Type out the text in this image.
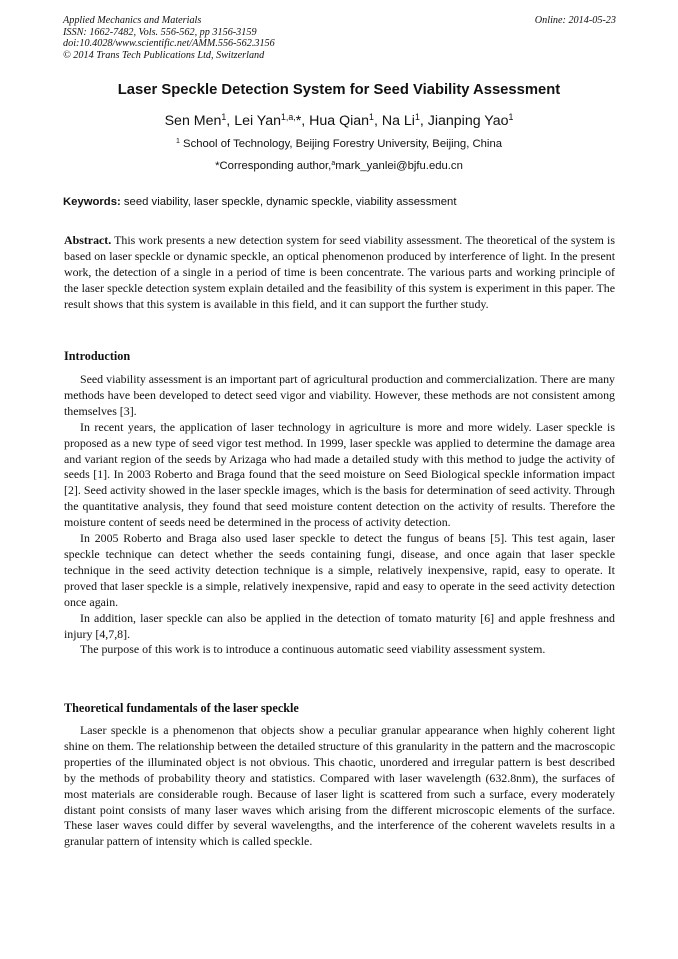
Applied Mechanics and Materials
ISSN: 1662-7482, Vols. 556-562, pp 3156-3159
doi:10.4028/www.scientific.net/AMM.556-562.3156
© 2014 Trans Tech Publications Ltd, Switzerland
Online: 2014-05-23
Laser Speckle Detection System for Seed Viability Assessment
Sen Men$^1$, Lei Yan$^{1,a,}$*, Hua Qian$^1$, Na Li$^1$, Jianping Yao$^1$
$^1$ School of Technology, Beijing Forestry University, Beijing, China
*Corresponding author,$^a$mark_yanlei@bjfu.edu.cn
Keywords: seed viability, laser speckle, dynamic speckle, viability assessment
Abstract. This work presents a new detection system for seed viability assessment. The theoretical of the system is based on laser speckle or dynamic speckle, an optical phenomenon produced by interference of light. In the present work, the detection of a single in a period of time is been concentrate. The various parts and working principle of the laser speckle detection system explain detailed and the feasibility of this system is experiment in this paper. The result shows that this system is available in this field, and it can support the further study.
Introduction

Seed viability assessment is an important part of agricultural production and commercialization. There are many methods have been developed to detect seed vigor and viability. However, these methods are not consistent among themselves [3].

In recent years, the application of laser technology in agriculture is more and more widely. Laser speckle is proposed as a new type of seed vigor test method. In 1999, laser speckle was applied to determine the damage area and variant region of the seeds by Arizaga who had made a detailed study with this method to judge the activity of seeds [1]. In 2003 Roberto and Braga found that the seed moisture on Seed Biological speckle information impact [2]. Seed activity showed in the laser speckle images, which is the basis for determination of seed activity. Through the quantitative analysis, they found that seed moisture content detection on the activity of results. Therefore the moisture content of seeds need be determined in the process of activity detection.

In 2005 Roberto and Braga also used laser speckle to detect the fungus of beans [5]. This test again, laser speckle technique can detect whether the seeds containing fungi, disease, and once again that laser speckle technique in the seed activity detection technique is a simple, relatively inexpensive, rapid, easy to operate. It proved that laser speckle is a simple, relatively inexpensive, rapid and easy to operate in the seed activity detection once again.

In addition, laser speckle can also be applied in the detection of tomato maturity [6] and apple freshness and injury [4,7,8].

The purpose of this work is to introduce a continuous automatic seed viability assessment system.

Theoretical fundamentals of the laser speckle

Laser speckle is a phenomenon that objects show a peculiar granular appearance when highly coherent light shine on them. The relationship between the detailed structure of this granularity in the pattern and the macroscopic properties of the illuminated object is not obvious. This chaotic, unordered and irregular pattern is best described by the methods of probability theory and statistics. Compared with laser wavelength (632.8nm), the surfaces of most materials are considerable rough. Because of laser light is scattered from such a surface, every moderately distant point consists of many laser waves which arising from the different microscopic elements of the surface. These laser waves could differ by several wavelengths, and the interference of the coherent wavelets results in a granular pattern of intensity which is called speckle.
